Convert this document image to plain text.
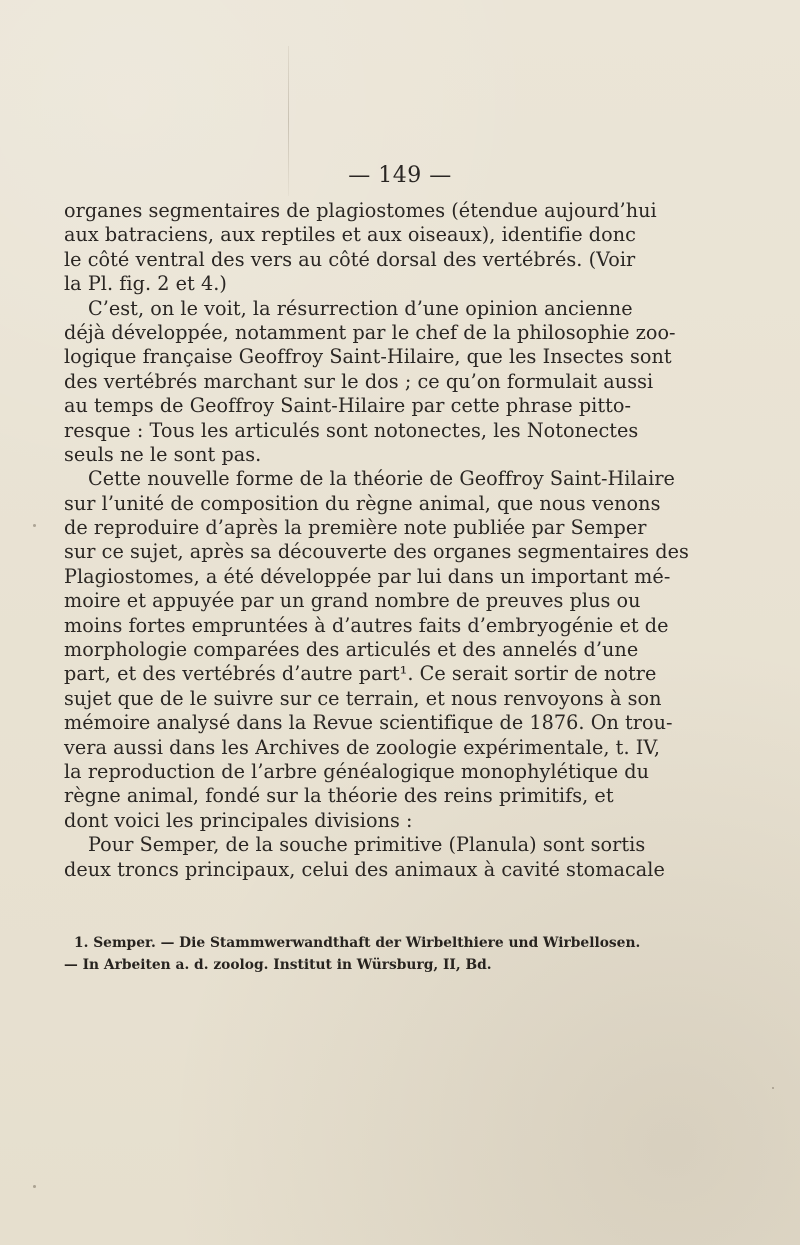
— 149 —
organes segmentaires de plagiostomes (étendue aujourd’hui
aux batraciens, aux reptiles et aux oiseaux), identifie donc
le côté ventral des vers au côté dorsal des vertébrés. (Voir
la Pl. fig. 2 et 4.)
C’est, on le voit, la résurrection d’une opinion ancienne
déjà développée, notamment par le chef de la philosophie zoo-
logique française Geoffroy Saint-Hilaire, que les Insectes sont
des vertébrés marchant sur le dos ; ce qu’on formulait aussi
au temps de Geoffroy Saint-Hilaire par cette phrase pitto-
resque : Tous les articulés sont notonectes, les Notonectes
seuls ne le sont pas.
Cette nouvelle forme de la théorie de Geoffroy Saint-Hilaire
sur l’unité de composition du règne animal, que nous venons
de reproduire d’après la première note publiée par Semper
sur ce sujet, après sa découverte des organes segmentaires des
Plagiostomes, a été développée par lui dans un important mé-
moire et appuyée par un grand nombre de preuves plus ou
moins fortes empruntées à d’autres faits d’embryogénie et de
morphologie comparées des articulés et des annelés d’une
part, et des vertébrés d’autre part¹. Ce serait sortir de notre
sujet que de le suivre sur ce terrain, et nous renvoyons à son
mémoire analysé dans la Revue scientifique de 1876. On trou-
vera aussi dans les Archives de zoologie expérimentale, t. IV,
la reproduction de l’arbre généalogique monophylétique du
règne animal, fondé sur la théorie des reins primitifs, et
dont voici les principales divisions :
Pour Semper, de la souche primitive (Planula) sont sortis
deux troncs principaux, celui des animaux à cavité stomacale
1. Semper. — Die Stammwerwandthaft der Wirbelthiere und Wirbellosen.
— In Arbeiten a. d. zoolog. Institut in Würsburg, II, Bd.
